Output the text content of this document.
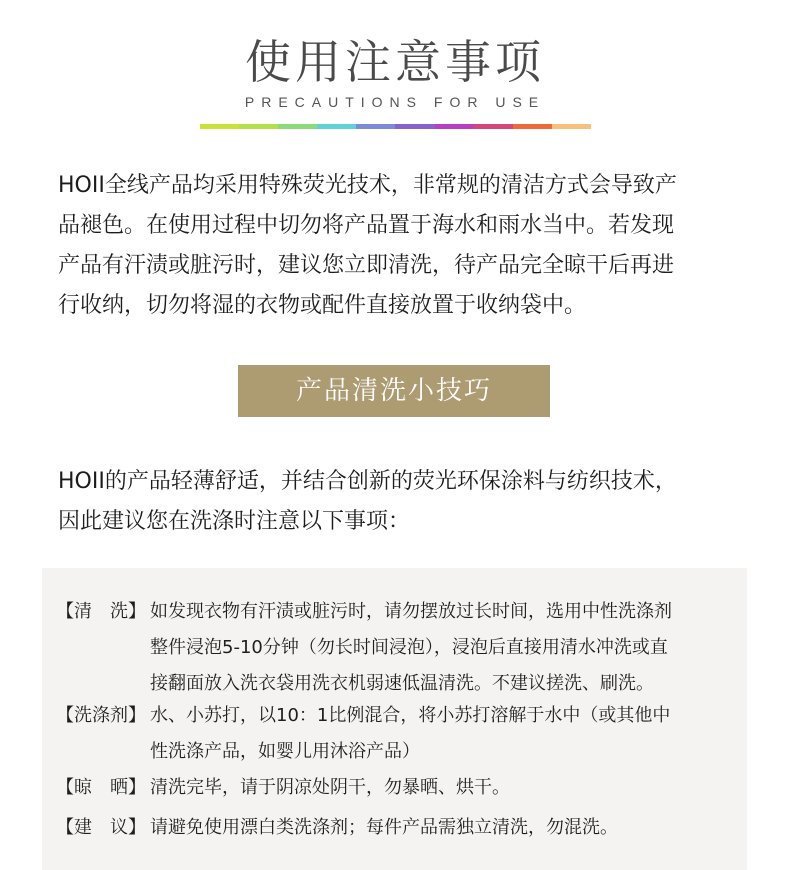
使用注意事项
PRECAUTIONS FOR USE

HOII全线产品均采用特殊荧光技术，非常规的清洁方式会导致产

品褪色。在使用过程中切勿将产品置于海水和雨水当中。若发现

产品有汗渍或脏污时，建议您立即清洗，待产品完全晾干后再进

行收纳，切勿将湿的衣物或配件直接放置于收纳袋中。

产品清洗小技巧

HOII的产品轻薄舒适，并结合创新的荧光环保涂料与纺织技术，

因此建议您在洗涤时注意以下事项：

【清　洗】 如发现衣物有汗渍或脏污时，请勿摆放过长时间，选用中性洗涤剂
整件浸泡5-10分钟（勿长时间浸泡），浸泡后直接用清水冲洗或直
接翻面放入洗衣袋用洗衣机弱速低温清洗。不建议搓洗、刷洗。
【洗涤剂】 水、小苏打，以10：1比例混合，将小苏打溶解于水中（或其他中
性洗涤产品，如婴儿用沐浴产品）
【晾　晒】 清洗完毕，请于阴凉处阴干，勿暴晒、烘干。
【建　议】 请避免使用漂白类洗涤剂；每件产品需独立清洗，勿混洗。
